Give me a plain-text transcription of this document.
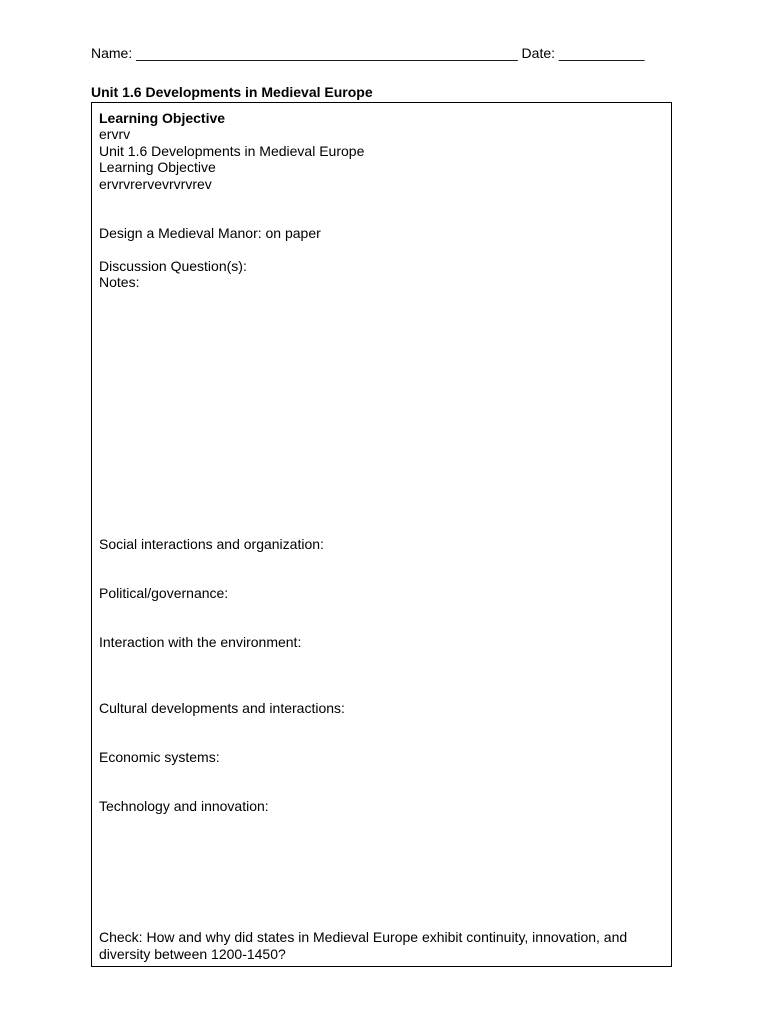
Name: _________________________________________________ Date: ___________
Unit 1.6 Developments in Medieval Europe
Learning Objective
ervrv
Unit 1.6 Developments in Medieval Europe
Learning Objective
ervrvrervevrvrvrev
Design a Medieval Manor: on paper
Discussion Question(s):
Notes:
Social interactions and organization:
Political/governance:
Interaction with the environment:
Cultural developments and interactions:
Economic systems:
Technology and innovation:
Check: How and why did states in Medieval Europe exhibit continuity, innovation, and diversity between 1200-1450?
